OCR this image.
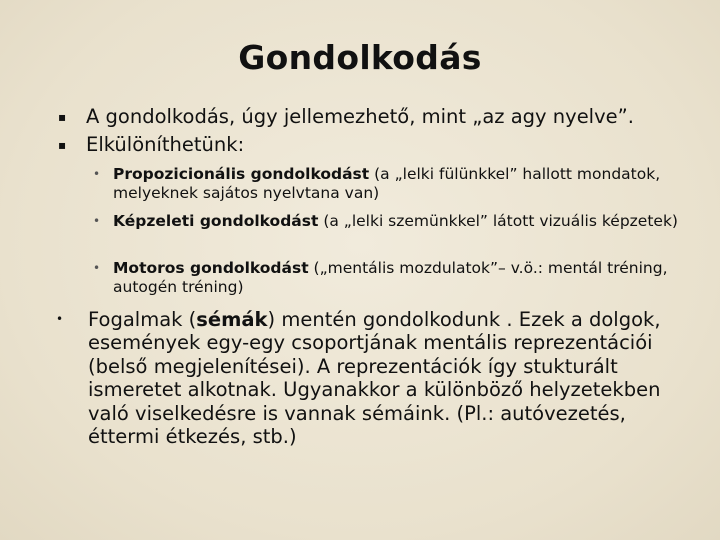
Gondolkodás
▪ A gondolkodás, úgy jellemezhető, mint „az agy nyelve”.
▪ Elkülöníthetünk:
• Propozicionális gondolkodást (a „lelki fülünkkel” hallott mondatok, melyeknek sajátos nyelvtana van)
• Képzeleti gondolkodást (a „lelki szemünkkel” látott vizuális képzetek)
• Motoros gondolkodást („mentális mozdulatok”– v.ö.: mentál tréning, autogén tréning)
• Fogalmak (sémák) mentén gondolkodunk . Ezek a dolgok, események egy-egy csoportjának mentális reprezentációi (belső megjelenítései). A reprezentációk így stukturált ismeretet alkotnak. Ugyanakkor a különböző helyzetekben való viselkedésre is vannak sémáink. (Pl.: autóvezetés, éttermi étkezés, stb.)
